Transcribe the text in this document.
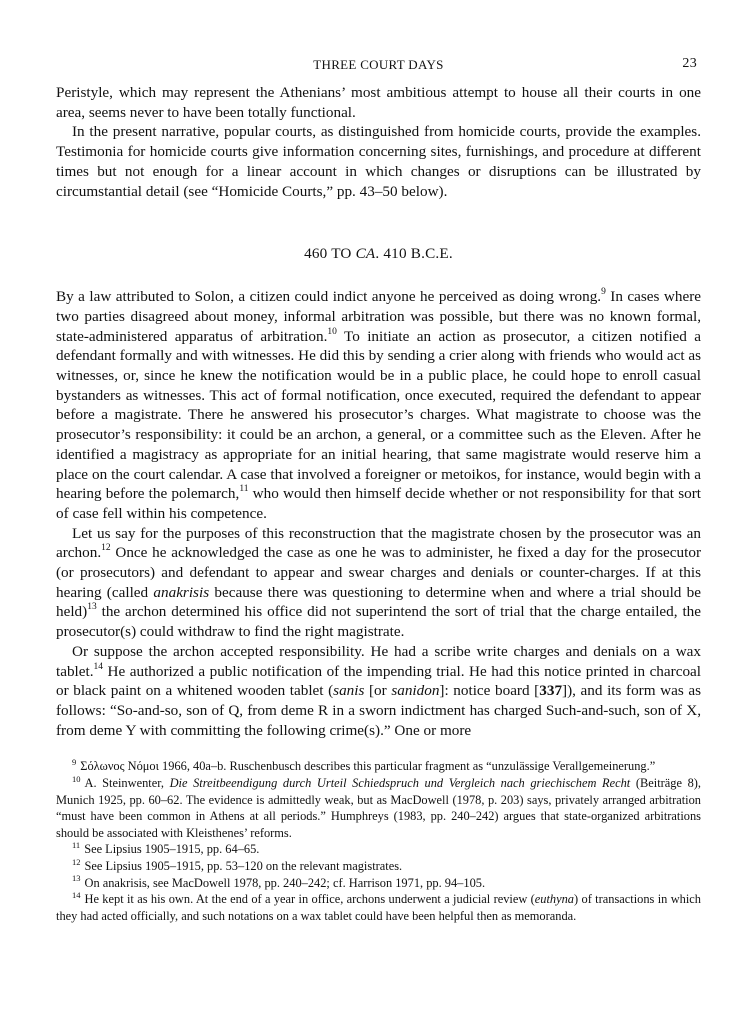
THREE COURT DAYS	23

Peristyle, which may represent the Athenians’ most ambitious attempt to house all their courts in one area, seems never to have been totally functional.

In the present narrative, popular courts, as distinguished from homicide courts, provide the examples. Testimonia for homicide courts give information concerning sites, furnishings, and procedure at different times but not enough for a linear account in which changes or disruptions can be illustrated by circumstantial detail (see “Homicide Courts,” pp. 43–50 below).

460 TO CA. 410 B.C.E.

By a law attributed to Solon, a citizen could indict anyone he perceived as doing wrong.$^9$ In cases where two parties disagreed about money, informal arbitration was possible, but there was no known formal, state-administered apparatus of arbitration.$^{10}$ To initiate an action as prosecutor, a citizen notified a defendant formally and with witnesses. He did this by sending a crier along with friends who would act as witnesses, or, since he knew the notification would be in a public place, he could hope to enroll casual bystanders as witnesses. This act of formal notification, once executed, required the defendant to appear before a magistrate. There he answered his prosecutor’s charges. What magistrate to choose was the prosecutor’s responsibility: it could be an archon, a general, or a committee such as the Eleven. After he identified a magistracy as appropriate for an initial hearing, that same magistrate would reserve him a place on the court calendar. A case that involved a foreigner or metoikos, for instance, would begin with a hearing before the polemarch,$^{11}$ who would then himself decide whether or not responsibility for that sort of case fell within his competence.

Let us say for the purposes of this reconstruction that the magistrate chosen by the prosecutor was an archon.$^{12}$ Once he acknowledged the case as one he was to administer, he fixed a day for the prosecutor (or prosecutors) and defendant to appear and swear charges and denials or counter-charges. If at this hearing (called anakrisis because there was questioning to determine when and where a trial should be held)$^{13}$ the archon determined his office did not superintend the sort of trial that the charge entailed, the prosecutor(s) could withdraw to find the right magistrate.

Or suppose the archon accepted responsibility. He had a scribe write charges and denials on a wax tablet.$^{14}$ He authorized a public notification of the impending trial. He had this notice printed in charcoal or black paint on a whitened wooden tablet (sanis [or sanidon]: notice board [337]), and its form was as follows: “So-and-so, son of Q, from deme R in a sworn indictment has charged Such-and-such, son of X, from deme Y with committing the following crime(s).” One or more

$^9$ Σόλωνος Νόμοι 1966, 40a–b. Ruschenbusch describes this particular fragment as “unzulässige Verallgemeinerung.”

$^{10}$ A. Steinwenter, Die Streitbeendigung durch Urteil Schiedspruch und Vergleich nach griechischem Recht (Beiträge 8), Munich 1925, pp. 60–62. The evidence is admittedly weak, but as MacDowell (1978, p. 203) says, privately arranged arbitration “must have been common in Athens at all periods.” Humphreys (1983, pp. 240–242) argues that state-organized arbitrations should be associated with Kleisthenes’ reforms.

$^{11}$ See Lipsius 1905–1915, pp. 64–65.

$^{12}$ See Lipsius 1905–1915, pp. 53–120 on the relevant magistrates.

$^{13}$ On anakrisis, see MacDowell 1978, pp. 240–242; cf. Harrison 1971, pp. 94–105.

$^{14}$ He kept it as his own. At the end of a year in office, archons underwent a judicial review (euthyna) of transactions in which they had acted officially, and such notations on a wax tablet could have been helpful then as memoranda.
